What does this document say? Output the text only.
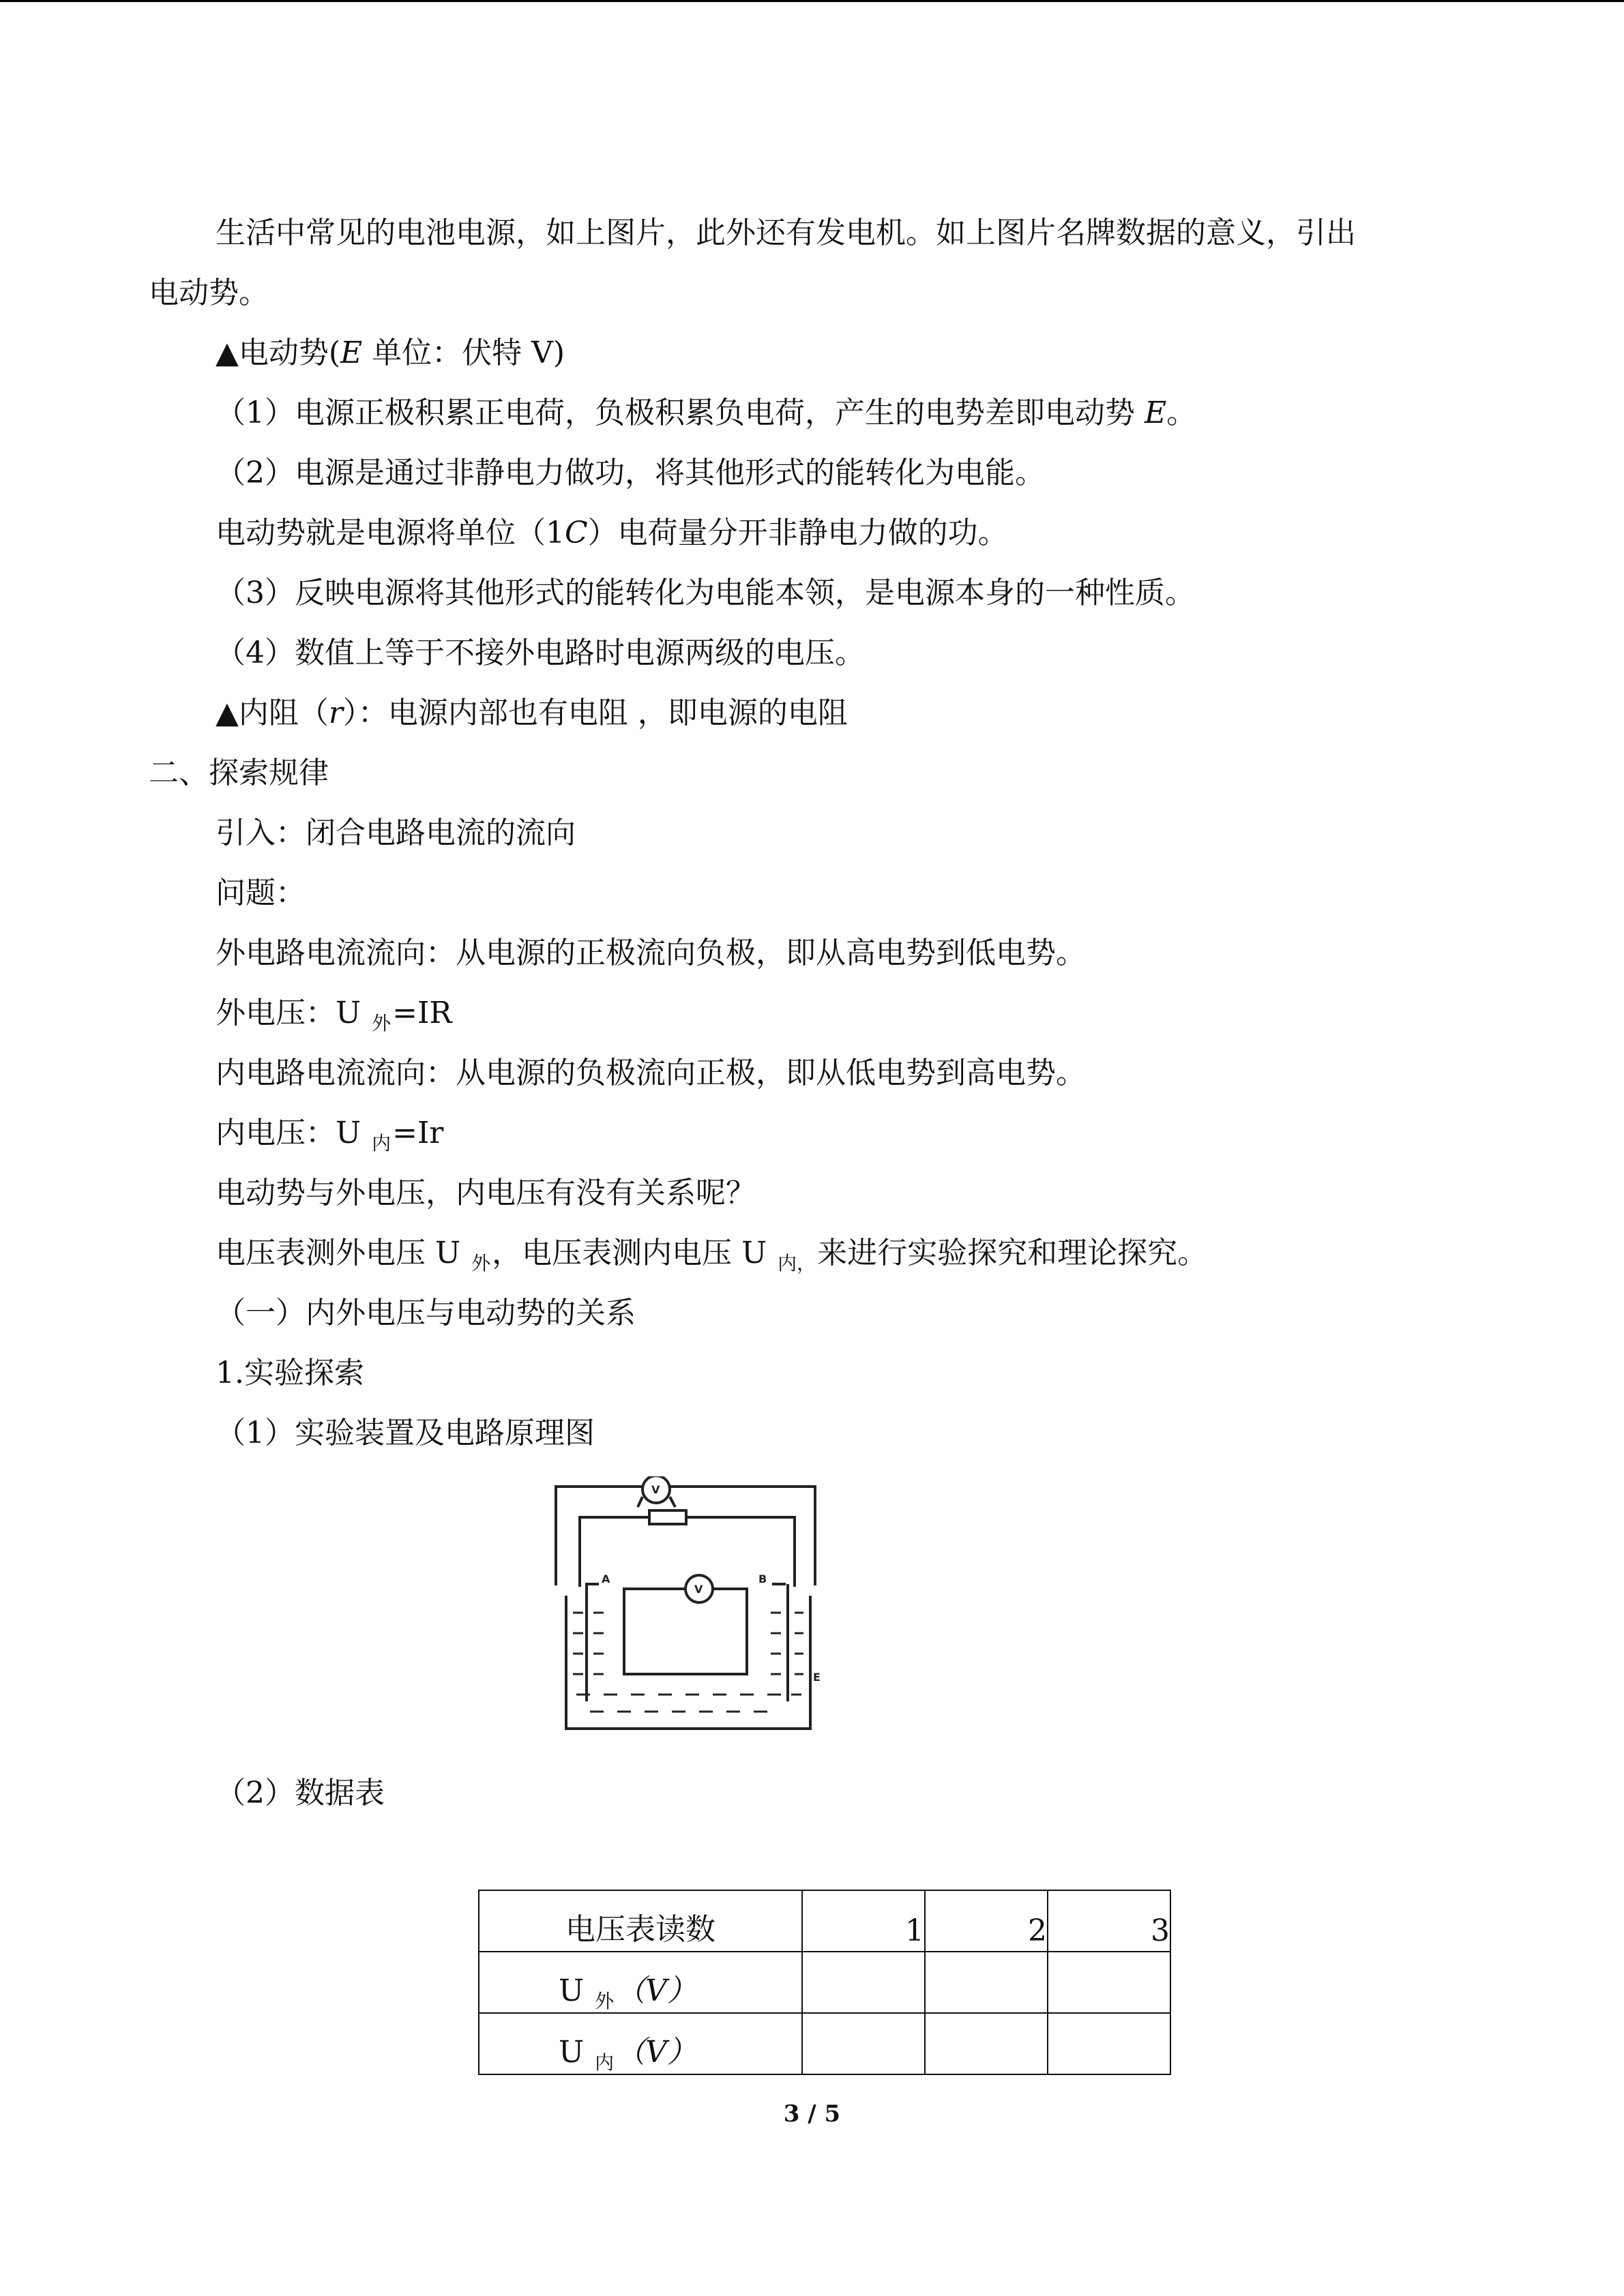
生活中常见的电池电源，如上图片，此外还有发电机。如上图片名牌数据的意义，引出

电动势。

▲电动势(E 单位：伏特 V)

（1）电源正极积累正电荷，负极积累负电荷，产生的电势差即电动势 E。

（2）电源是通过非静电力做功，将其他形式的能转化为电能。

电动势就是电源将单位（1C）电荷量分开非静电力做的功。

（3）反映电源将其他形式的能转化为电能本领，是电源本身的一种性质。

（4）数值上等于不接外电路时电源两级的电压。

▲内阻（r）：电源内部也有电阻 ，即电源的电阻

二、探索规律

引入：闭合电路电流的流向

问题：

外电路电流流向：从电源的正极流向负极，即从高电势到低电势。

外电压：U $_外$=IR

内电路电流流向：从电源的负极流向正极，即从低电势到高电势。

内电压：U $_内$=Ir

电动势与外电压，内电压有没有关系呢？

电压表测外电压 U $_外$，电压表测内电压 U $_{内,}$来进行实验探究和理论探究。

（一）内外电压与电动势的关系

1.实验探索

（1）实验装置及电路原理图

V
V
A	B
E

（2）数据表

电压表读数	1	2	3

U $_外$（V）			

U $_内$（V）			

3 / 5
